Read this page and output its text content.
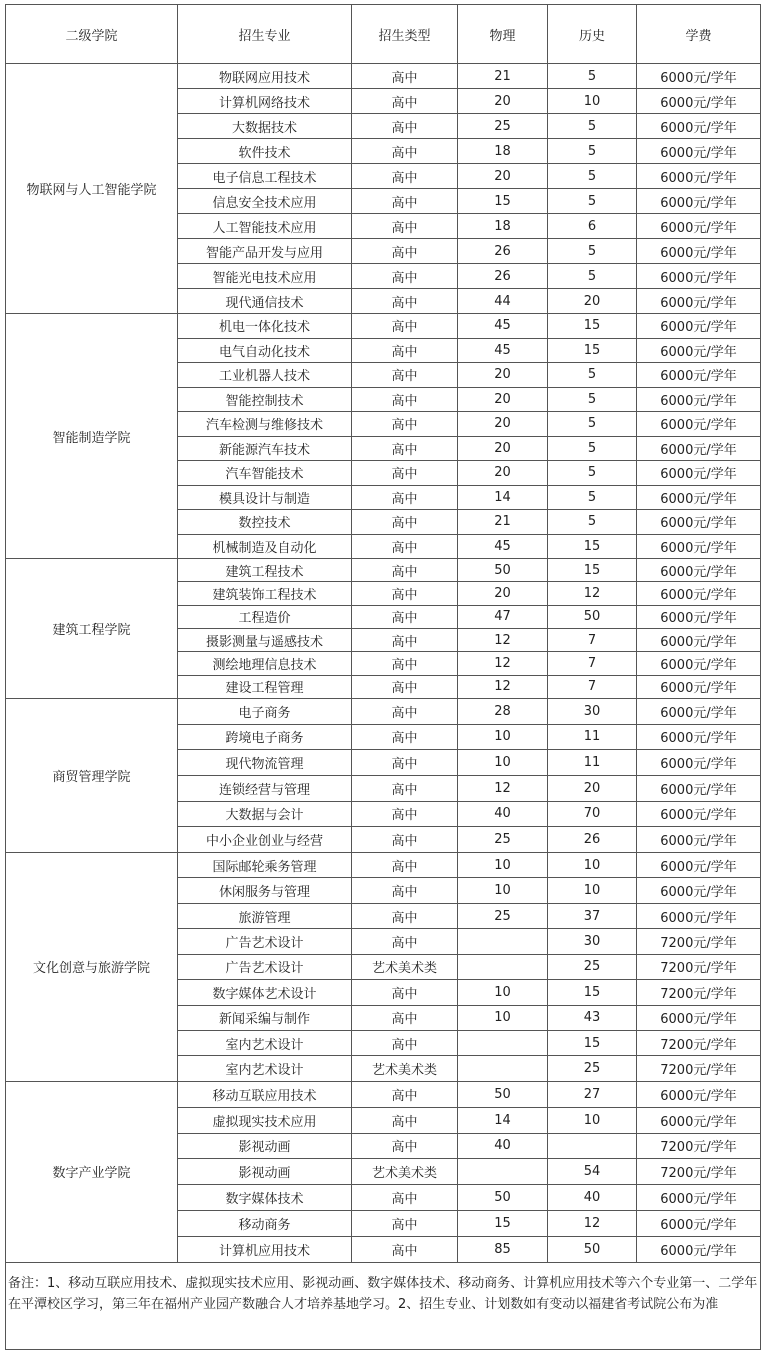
二级学院	招生专业	招生类型	物理	历史	学费
物联网与人工智能学院	物联网应用技术	高中	21	5	6000元/学年
	计算机网络技术	高中	20	10	6000元/学年
	大数据技术	高中	25	5	6000元/学年
	软件技术	高中	18	5	6000元/学年
	电子信息工程技术	高中	20	5	6000元/学年
	信息安全技术应用	高中	15	5	6000元/学年
	人工智能技术应用	高中	18	6	6000元/学年
	智能产品开发与应用	高中	26	5	6000元/学年
	智能光电技术应用	高中	26	5	6000元/学年
	现代通信技术	高中	44	20	6000元/学年
智能制造学院	机电一体化技术	高中	45	15	6000元/学年
	电气自动化技术	高中	45	15	6000元/学年
	工业机器人技术	高中	20	5	6000元/学年
	智能控制技术	高中	20	5	6000元/学年
	汽车检测与维修技术	高中	20	5	6000元/学年
	新能源汽车技术	高中	20	5	6000元/学年
	汽车智能技术	高中	20	5	6000元/学年
	模具设计与制造	高中	14	5	6000元/学年
	数控技术	高中	21	5	6000元/学年
	机械制造及自动化	高中	45	15	6000元/学年
建筑工程学院	建筑工程技术	高中	50	15	6000元/学年
	建筑装饰工程技术	高中	20	12	6000元/学年
	工程造价	高中	47	50	6000元/学年
	摄影测量与遥感技术	高中	12	7	6000元/学年
	测绘地理信息技术	高中	12	7	6000元/学年
	建设工程管理	高中	12	7	6000元/学年
商贸管理学院	电子商务	高中	28	30	6000元/学年
	跨境电子商务	高中	10	11	6000元/学年
	现代物流管理	高中	10	11	6000元/学年
	连锁经营与管理	高中	12	20	6000元/学年
	大数据与会计	高中	40	70	6000元/学年
	中小企业创业与经营	高中	25	26	6000元/学年
文化创意与旅游学院	国际邮轮乘务管理	高中	10	10	6000元/学年
	休闲服务与管理	高中	10	10	6000元/学年
	旅游管理	高中	25	37	6000元/学年
	广告艺术设计	高中		30	7200元/学年
	广告艺术设计	艺术美术类		25	7200元/学年
	数字媒体艺术设计	高中	10	15	7200元/学年
	新闻采编与制作	高中	10	43	6000元/学年
	室内艺术设计	高中		15	7200元/学年
	室内艺术设计	艺术美术类		25	7200元/学年
数字产业学院	移动互联应用技术	高中	50	27	6000元/学年
	虚拟现实技术应用	高中	14	10	6000元/学年
	影视动画	高中	40		7200元/学年
	影视动画	艺术美术类		54	7200元/学年
	数字媒体技术	高中	50	40	6000元/学年
	移动商务	高中	15	12	6000元/学年
	计算机应用技术	高中	85	50	6000元/学年
备注：1、移动互联应用技术、虚拟现实技术应用、影视动画、数字媒体技术、移动商务、计算机应用技术等六个专业第一、二学年在平潭校区学习，第三年在福州产业园产数融合人才培养基地学习。2、招生专业、计划数如有变动以福建省考试院公布为准					
